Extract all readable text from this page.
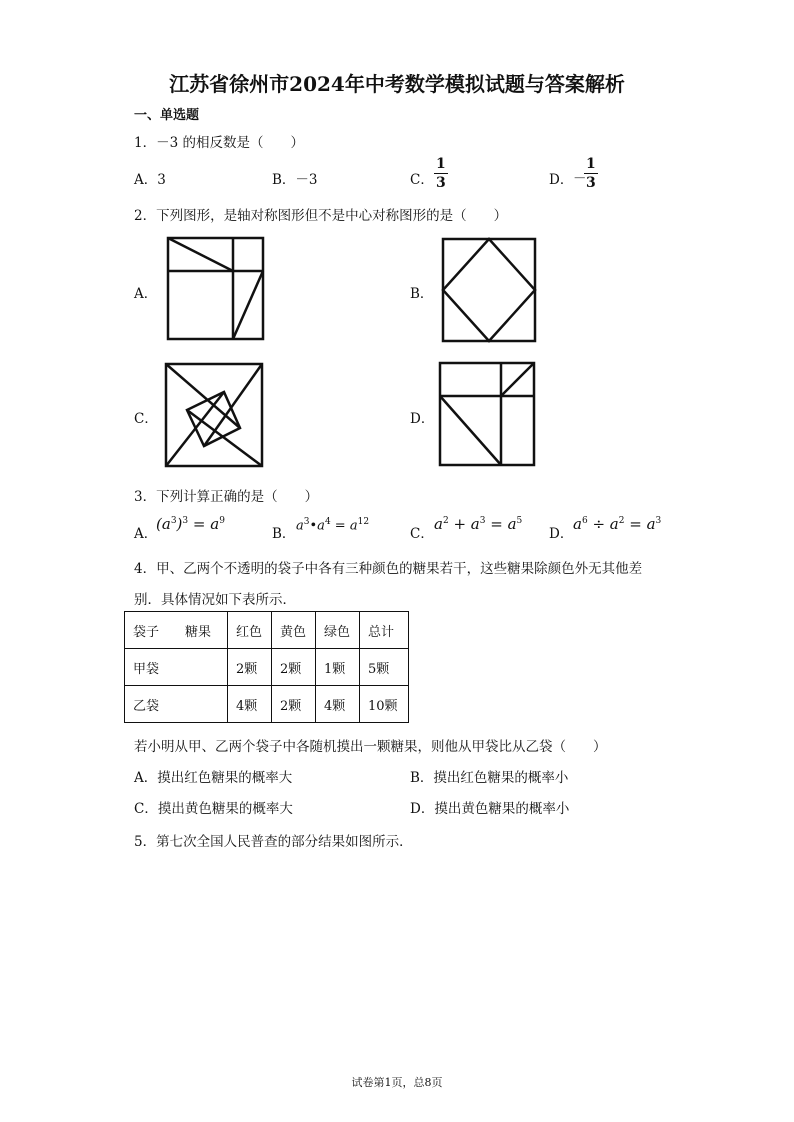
江苏省徐州市2024年中考数学模拟试题与答案解析
一、单选题
1．－3 的相反数是（　　）
A．3	B．－3	C．
1
3	D． －
1
3
2．下列图形，是轴对称图形但不是中心对称图形的是（　　）
A．	B．
C．	D．
3．下列计算正确的是（　　）
A．
$(a^3)^3 = a^9$
B．
$a^3•a^4 = a^{12}$
C．
$a^2 + a^3 = a^5$
D．
$a^6 \div a^2 = a^3$
4．甲、乙两个不透明的袋子中各有三种颜色的糖果若干，这些糖果除颜色外无其他差
别．具体情况如下表所示．
袋子　　糖果	红色	黄色	绿色	总计
甲袋	2颗	2颗	1颗	5颗
乙袋	4颗	2颗	4颗	10颗
若小明从甲、乙两个袋子中各随机摸出一颗糖果，则他从甲袋比从乙袋（　　）
A．摸出红色糖果的概率大	B．摸出红色糖果的概率小
C．摸出黄色糖果的概率大	D．摸出黄色糖果的概率小
5．第七次全国人民普查的部分结果如图所示．
试卷第1页，总8页
